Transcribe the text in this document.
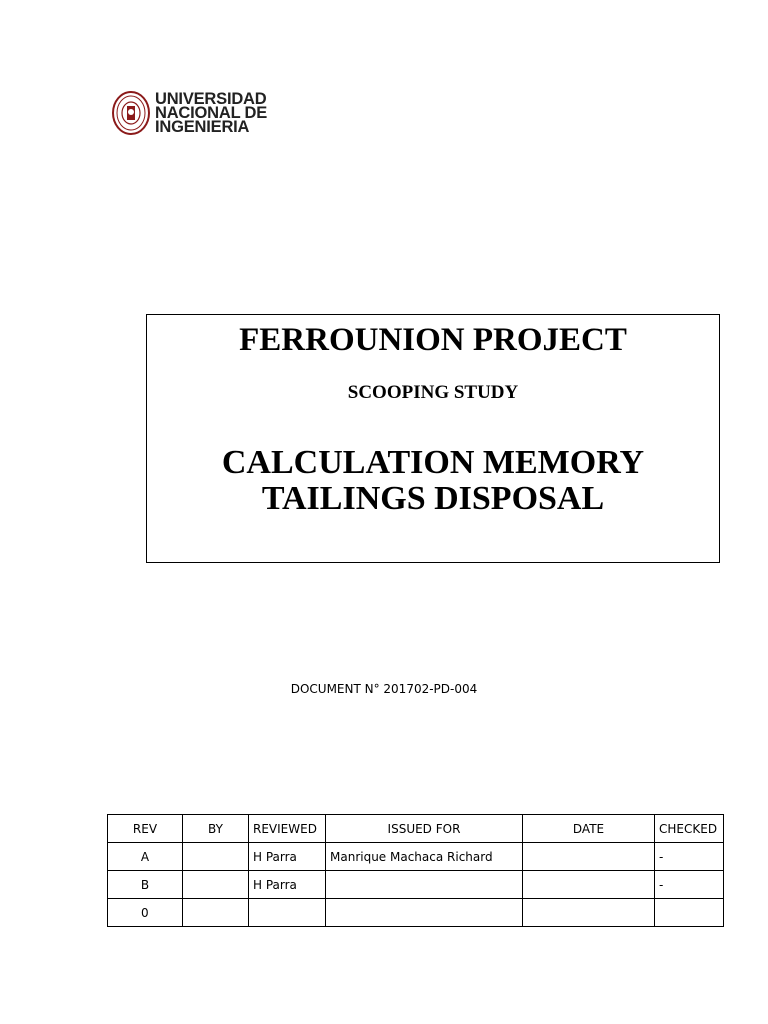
UNIVERSIDAD
NACIONAL DE
INGENIERIA
FERROUNION PROJECT
SCOOPING STUDY
CALCULATION MEMORY
TAILINGS DISPOSAL
DOCUMENT N° 201702-PD-004
REV	BY	REVIEWED	ISSUED FOR	DATE	CHECKED
A		H Parra	Manrique Machaca Richard		-
B		H Parra			-
0					
